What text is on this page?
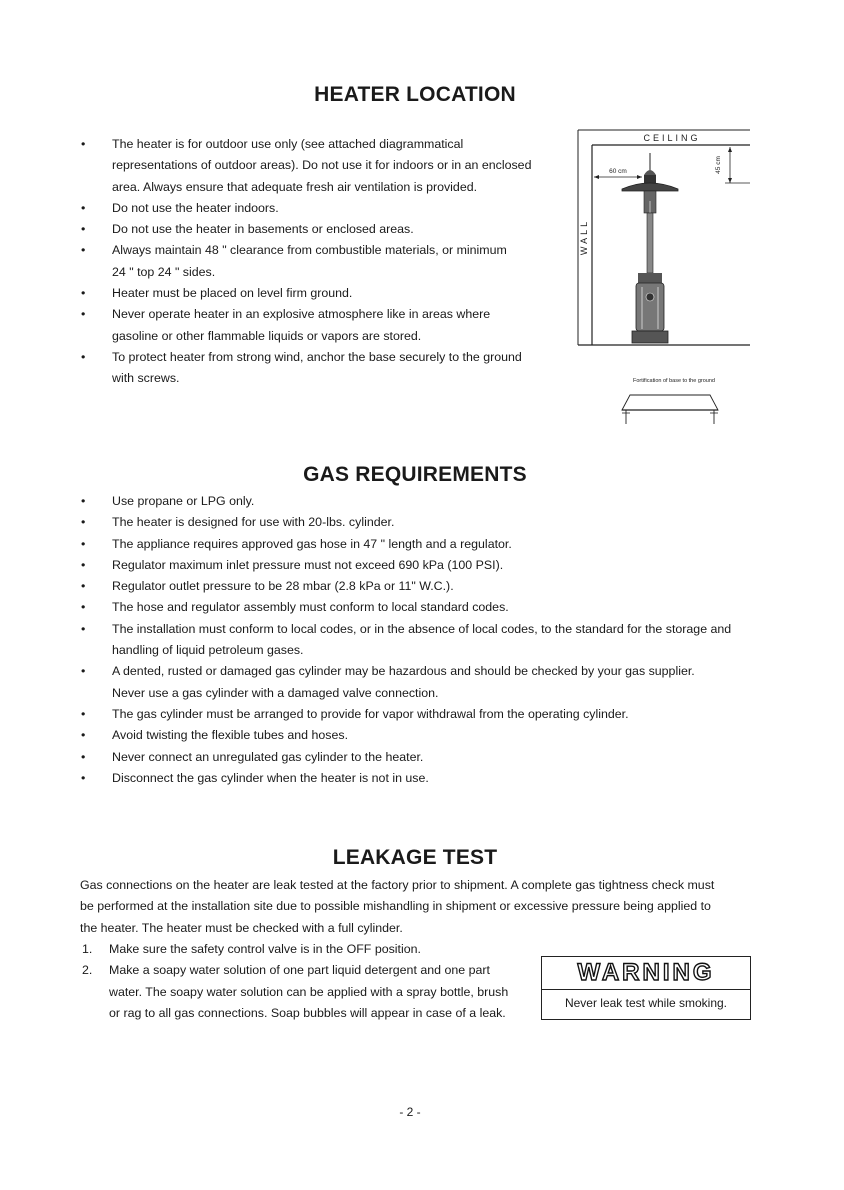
HEATER LOCATION
• The heater is for outdoor use only (see attached diagrammatical representations of outdoor areas). Do not use it for indoors or in an enclosed area. Always ensure that adequate fresh air ventilation is provided.
• Do not use the heater indoors.
• Do not use the heater in basements or enclosed areas.
• Always maintain 48 " clearance from combustible materials, or minimum 24 " top 24 " sides.
• Heater must be placed on level firm ground.
• Never operate heater in an explosive atmosphere like in areas where gasoline or other flammable liquids or vapors are stored.
• To protect heater from strong wind, anchor the base securely to the ground with screws.
CEILING
WALL
60 cm	45 cm
Fortification of base to the ground
GAS REQUIREMENTS
• Use propane or LPG only.
• The heater is designed for use with 20-lbs. cylinder.
• The appliance requires approved gas hose in 47 " length and a regulator.
• Regulator maximum inlet pressure must not exceed 690 kPa (100 PSI).
• Regulator outlet pressure to be 28 mbar (2.8 kPa or 11" W.C.).
• The hose and regulator assembly must conform to local standard codes.
• The installation must conform to local codes, or in the absence of local codes, to the standard for the storage and handling of liquid petroleum gases.
• A dented, rusted or damaged gas cylinder may be hazardous and should be checked by your gas supplier. Never use a gas cylinder with a damaged valve connection.
• The gas cylinder must be arranged to provide for vapor withdrawal from the operating cylinder.
• Avoid twisting the flexible tubes and hoses.
• Never connect an unregulated gas cylinder to the heater.
• Disconnect the gas cylinder when the heater is not in use.
LEAKAGE TEST

Gas connections on the heater are leak tested at the factory prior to shipment. A complete gas tightness check must be performed at the installation site due to possible mishandling in shipment or excessive pressure being applied to the heater. The heater must be checked with a full cylinder.

1. Make sure the safety control valve is in the OFF position.
2. Make a soapy water solution of one part liquid detergent and one part water. The soapy water solution can be applied with a spray bottle, brush or rag to all gas connections. Soap bubbles will appear in case of a leak.
WARNING
Never leak test while smoking.
- 2 -
